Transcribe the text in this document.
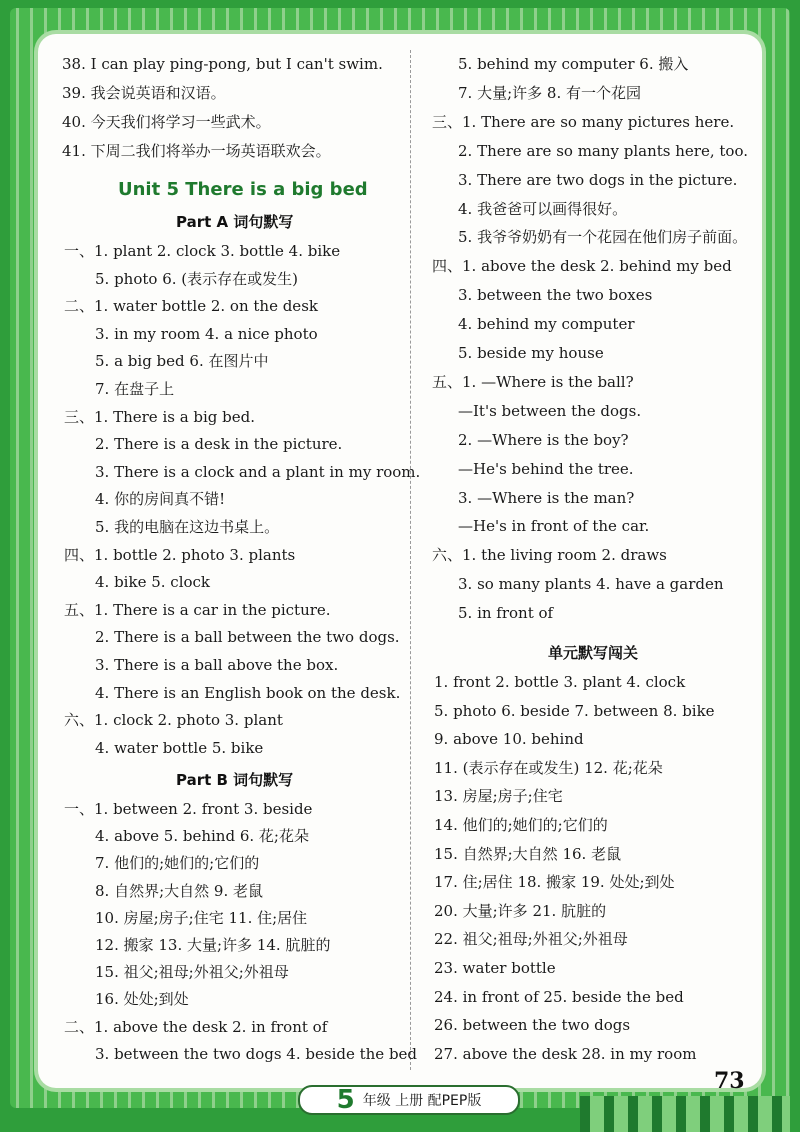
38. I can play ping-pong, but I can't swim.
39. 我会说英语和汉语。
40. 今天我们将学习一些武术。
41. 下周二我们将举办一场英语联欢会。
Unit 5 There is a big bed
Part A 词句默写
一、1. plant 2. clock 3. bottle 4. bike
5. photo 6. (表示存在或发生)
二、1. water bottle 2. on the desk
3. in my room 4. a nice photo
5. a big bed 6. 在图片中
7. 在盘子上
三、1. There is a big bed.
2. There is a desk in the picture.
3. There is a clock and a plant in my room.
4. 你的房间真不错!
5. 我的电脑在这边书桌上。
四、1. bottle 2. photo 3. plants
4. bike 5. clock
五、1. There is a car in the picture.
2. There is a ball between the two dogs.
3. There is a ball above the box.
4. There is an English book on the desk.
六、1. clock 2. photo 3. plant
4. water bottle 5. bike
Part B 词句默写
一、1. between 2. front 3. beside
4. above 5. behind 6. 花;花朵
7. 他们的;她们的;它们的
8. 自然界;大自然 9. 老鼠
10. 房屋;房子;住宅 11. 住;居住
12. 搬家 13. 大量;许多 14. 肮脏的
15. 祖父;祖母;外祖父;外祖母
16. 处处;到处
二、1. above the desk 2. in front of
3. between the two dogs 4. beside the bed
5. behind my computer 6. 搬入
7. 大量;许多 8. 有一个花园
三、1. There are so many pictures here.
2. There are so many plants here, too.
3. There are two dogs in the picture.
4. 我爸爸可以画得很好。
5. 我爷爷奶奶有一个花园在他们房子前面。
四、1. above the desk 2. behind my bed
3. between the two boxes
4. behind my computer
5. beside my house
五、1. —Where is the ball?
—It's between the dogs.
2. —Where is the boy?
—He's behind the tree.
3. —Where is the man?
—He's in front of the car.
六、1. the living room 2. draws
3. so many plants 4. have a garden
5. in front of
单元默写闯关
1. front 2. bottle 3. plant 4. clock
5. photo 6. beside 7. between 8. bike
9. above 10. behind
11. (表示存在或发生) 12. 花;花朵
13. 房屋;房子;住宅
14. 他们的;她们的;它们的
15. 自然界;大自然 16. 老鼠
17. 住;居住 18. 搬家 19. 处处;到处
20. 大量;许多 21. 肮脏的
22. 祖父;祖母;外祖父;外祖母
23. water bottle
24. in front of 25. beside the bed
26. between the two dogs
27. above the desk 28. in my room
5 年级 上册 配PEP版
73
